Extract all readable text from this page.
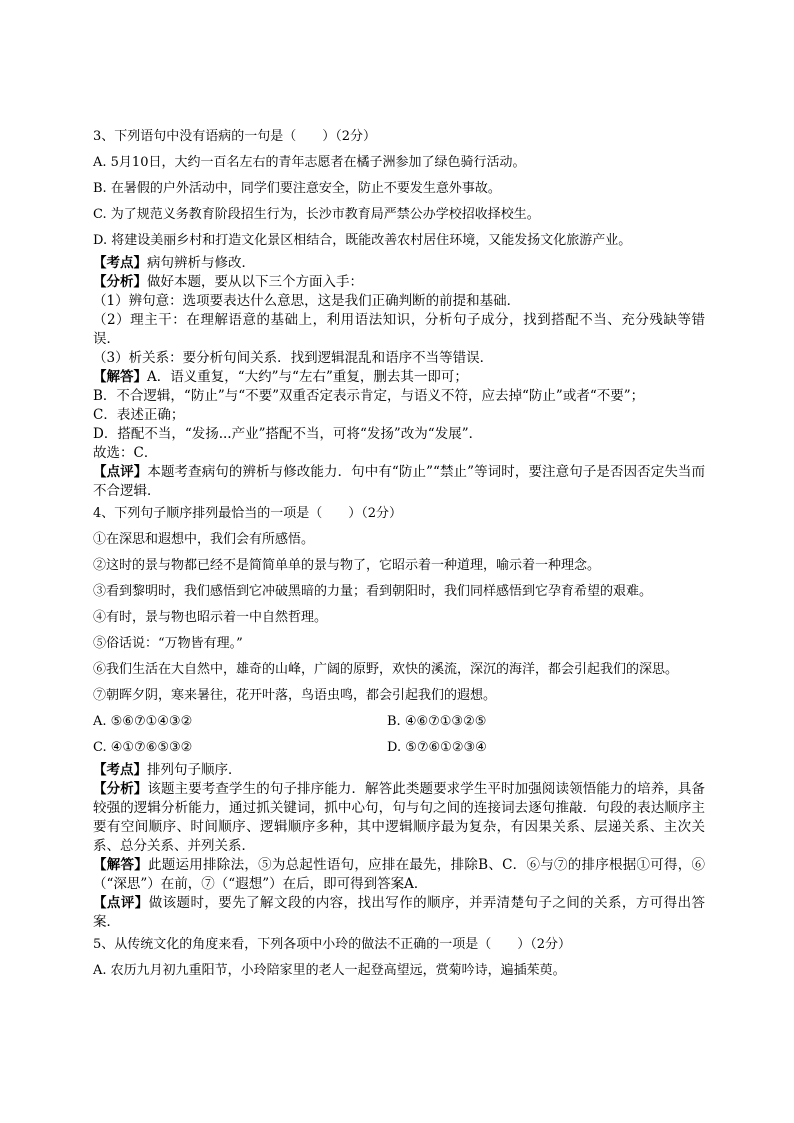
3、下列语句中没有语病的一句是（　　）（2分）

A. 5月10日，大约一百名左右的青年志愿者在橘子洲参加了绿色骑行活动。

B. 在暑假的户外活动中，同学们要注意安全，防止不要发生意外事故。

C. 为了规范义务教育阶段招生行为，长沙市教育局严禁公办学校招收择校生。

D. 将建设美丽乡村和打造文化景区相结合，既能改善农村居住环境，又能发扬文化旅游产业。

【考点】病句辨析与修改．

【分析】做好本题，要从以下三个方面入手：

（1）辨句意：选项要表达什么意思，这是我们正确判断的前提和基础．

（2）理主干：在理解语意的基础上，利用语法知识，分析句子成分，找到搭配不当、充分残缺等错误．

（3）析关系：要分析句间关系．找到逻辑混乱和语序不当等错误．

【解答】A．语义重复，“大约”与“左右”重复，删去其一即可；

B．不合逻辑，“防止”与“不要”双重否定表示肯定，与语义不符，应去掉“防止”或者“不要”；

C．表述正确；

D．搭配不当，“发扬...产业”搭配不当，可将“发扬”改为“发展”．

故选：C．

【点评】本题考查病句的辨析与修改能力．句中有“防止”“禁止”等词时，要注意句子是否因否定失当而不合逻辑．

4、下列句子顺序排列最恰当的一项是（　　）（2分）

①在深思和遐想中，我们会有所感悟。

②这时的景与物都已经不是简简单单的景与物了，它昭示着一种道理，喻示着一种理念。

③看到黎明时，我们感悟到它冲破黑暗的力量；看到朝阳时，我们同样感悟到它孕育希望的艰难。

④有时，景与物也昭示着一中自然哲理。

⑤俗话说：“万物皆有理。”

⑥我们生活在大自然中，雄奇的山峰，广阔的原野，欢快的溪流，深沉的海洋，都会引起我们的深思。

⑦朝晖夕阴，寒来暑往，花开叶落，鸟语虫鸣，都会引起我们的遐想。

A. ⑤⑥⑦①④③②	B. ④⑥⑦①③②⑤

C. ④①⑦⑥⑤③②	D. ⑤⑦⑥①②③④

【考点】排列句子顺序．

【分析】该题主要考查学生的句子排序能力．解答此类题要求学生平时加强阅读领悟能力的培养，具备较强的逻辑分析能力，通过抓关键词，抓中心句，句与句之间的连接词去逐句推敲．句段的表达顺序主要有空间顺序、时间顺序、逻辑顺序多种，其中逻辑顺序最为复杂，有因果关系、层递关系、主次关系、总分关系、并列关系．

【解答】此题运用排除法，⑤为总起性语句，应排在最先，排除B、C．⑥与⑦的排序根据①可得，⑥（“深思”）在前，⑦（“遐想”）在后，即可得到答案A．

【点评】做该题时，要先了解文段的内容，找出写作的顺序，并弄清楚句子之间的关系，方可得出答案．

5、从传统文化的角度来看，下列各项中小玲的做法不正确的一项是（　　）（2分）

A. 农历九月初九重阳节，小玲陪家里的老人一起登高望远，赏菊吟诗，遍插茱萸。
